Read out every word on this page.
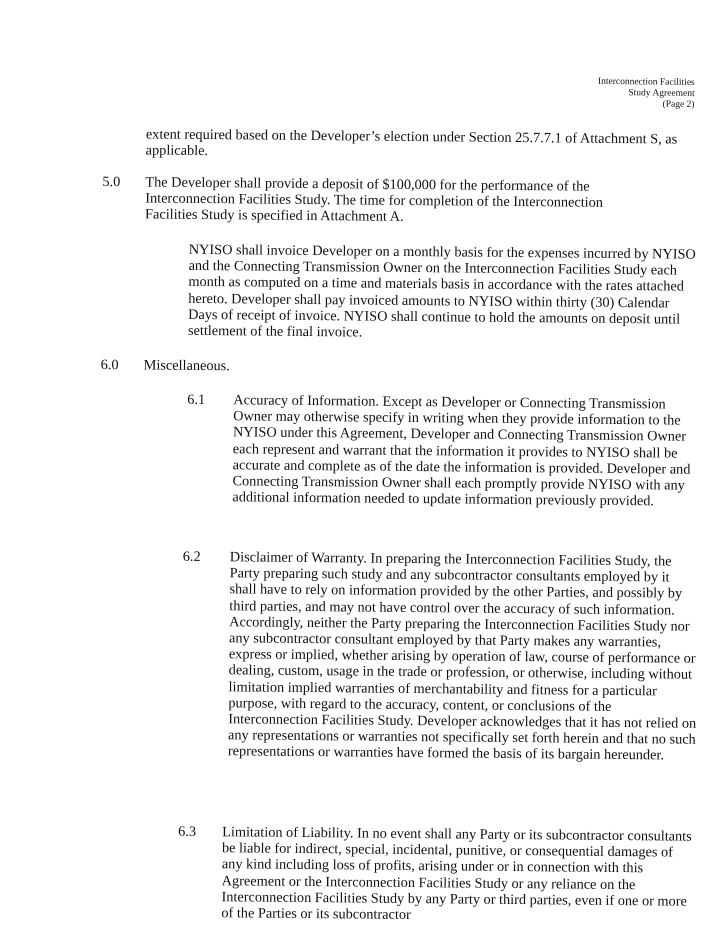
Interconnection Facilities
Study Agreement
(Page 2)

extent required based on the Developer’s election under Section 25.7.7.1 of Attachment S, as applicable.

5.0 The Developer shall provide a deposit of $100,000 for the performance of the Interconnection Facilities Study. The time for completion of the Interconnection Facilities Study is specified in Attachment A.

NYISO shall invoice Developer on a monthly basis for the expenses incurred by NYISO and the Connecting Transmission Owner on the Interconnection Facilities Study each month as computed on a time and materials basis in accordance with the rates attached hereto. Developer shall pay invoiced amounts to NYISO within thirty (30) Calendar Days of receipt of invoice. NYISO shall continue to hold the amounts on deposit until settlement of the final invoice.

6.0 Miscellaneous.

6.1 Accuracy of Information. Except as Developer or Connecting Transmission Owner may otherwise specify in writing when they provide information to the NYISO under this Agreement, Developer and Connecting Transmission Owner each represent and warrant that the information it provides to NYISO shall be accurate and complete as of the date the information is provided. Developer and Connecting Transmission Owner shall each promptly provide NYISO with any additional information needed to update information previously provided.

6.2 Disclaimer of Warranty. In preparing the Interconnection Facilities Study, the Party preparing such study and any subcontractor consultants employed by it shall have to rely on information provided by the other Parties, and possibly by third parties, and may not have control over the accuracy of such information. Accordingly, neither the Party preparing the Interconnection Facilities Study nor any subcontractor consultant employed by that Party makes any warranties, express or implied, whether arising by operation of law, course of performance or dealing, custom, usage in the trade or profession, or otherwise, including without limitation implied warranties of merchantability and fitness for a particular purpose, with regard to the accuracy, content, or conclusions of the Interconnection Facilities Study. Developer acknowledges that it has not relied on any representations or warranties not specifically set forth herein and that no such representations or warranties have formed the basis of its bargain hereunder.

6.3 Limitation of Liability. In no event shall any Party or its subcontractor consultants be liable for indirect, special, incidental, punitive, or consequential damages of any kind including loss of profits, arising under or in connection with this Agreement or the Interconnection Facilities Study or any reliance on the Interconnection Facilities Study by any Party or third parties, even if one or more of the Parties or its subcontractor
